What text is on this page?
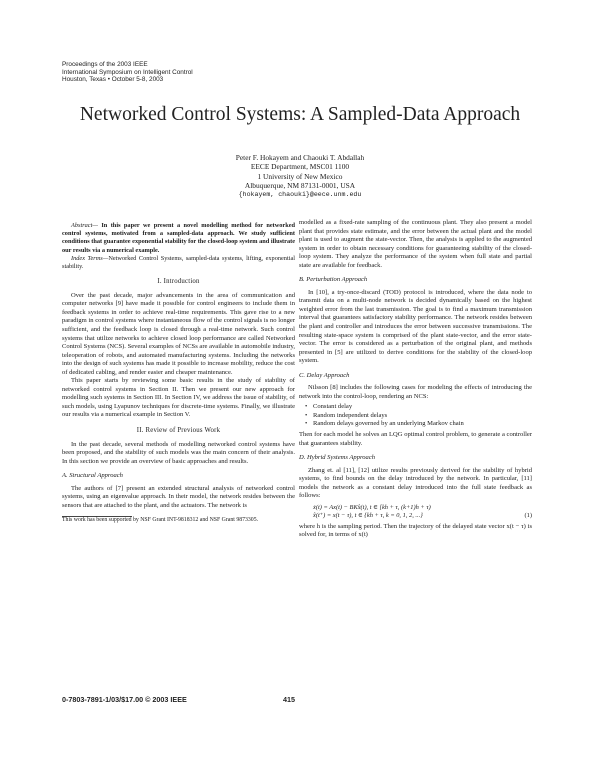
Proceedings of the 2003 IEEE
International Symposium on Intelligent Control
Houston, Texas • October 5-8, 2003
Networked Control Systems: A Sampled-Data Approach
Peter F. Hokayem and Chaouki T. Abdallah
EECE Department, MSC01 1100
1 University of New Mexico
Albuquerque, NM 87131-0001, USA
{hokayem, chaouki}@eece.unm.edu

Abstract— In this paper we present a novel modelling method for networked control systems, motivated from a sampled-data approach. We study sufficient conditions that guarantee exponential stability for the closed-loop system and illustrate our results via a numerical example.

Index Terms—Networked Control Systems, sampled-data systems, lifting, exponential stability.

I. Introduction

Over the past decade, major advancements in the area of communication and computer networks [9] have made it possible for control engineers to include them in feedback systems in order to achieve real-time requirements. This gave rise to a new paradigm in control systems where instantaneous flow of the control signals is no longer sufficient, and the feedback loop is closed through a real-time network. Such control systems that utilize networks to achieve closed loop performance are called Networked Control Systems (NCS). Several examples of NCSs are available in automobile industry, teleoperation of robots, and automated manufacturing systems. Including the networks into the design of such systems has made it possible to increase mobility, reduce the cost of dedicated cabling, and render easier and cheaper maintenance.

This paper starts by reviewing some basic results in the study of stability of networked control systems in Section II. Then we present our new approach for modelling such systems in Section III. In Section IV, we address the issue of stability, of such models, using Lyapunov techniques for discrete-time systems. Finally, we illustrate our results via a numerical example in Section V.

II. Review of Previous Work

In the past decade, several methods of modelling networked control systems have been proposed, and the stability of such models was the main concern of their analysis. In this section we provide an overview of basic approaches and results.

A. Structural Approach

The authors of [7] present an extended structural analysis of networked control systems, using an eigenvalue approach. In their model, the network resides between the sensors that are attached to the plant, and the actuators. The network is

This work has been supported by NSF Grant INT-9818312 and NSF Grant 9873305.

modelled as a fixed-rate sampling of the continuous plant. They also present a model plant that provides state estimate, and the error between the actual plant and the model plant is used to augment the state-vector. Then, the analysis is applied to the augmented system in order to obtain necessary conditions for guaranteeing stability of the closed-loop system. They analyze the performance of the system when full state and partial state are available for feedback.

B. Perturbation Approach

In [10], a try-once-discard (TOD) protocol is introduced, where the data node to transmit data on a multi-node network is decided dynamically based on the highest weighted error from the last transmission. The goal is to find a maximum transmission interval that guarantees satisfactory stability performance. The network resides between the plant and controller and introduces the error between successive transmissions. The resulting state-space system is comprised of the plant state-vector, and the error state-vector. The error is considered as a perturbation of the original plant, and methods presented in [5] are utilized to derive conditions for the stability of the closed-loop system.

C. Delay Approach

Nilsson [8] includes the following cases for modeling the effects of introducing the network into the control-loop, rendering an NCS:

• Constant delay
• Random independent delays
• Random delays governed by an underlying Markov chain

Then for each model he solves an LQG optimal control problem, to generate a controller that guarantees stability.

D. Hybrid Systems Approach

Zhang et. al [11], [12] utilize results previously derived for the stability of hybrid systems, to find bounds on the delay introduced by the network. In particular, [11] models the network as a constant delay introduced into the full state feedback as follows:

ẋ(t) = Ax(t) − BKx̂(t), t ∈ [kh + τ, (k+1)h + τ)
x̂(t⁺) = x(t − τ), t ∈ {kh + τ, k = 0, 1, 2, ...}	(1)

where h is the sampling period. Then the trajectory of the delayed state vector x(t − τ) is solved for, in terms of x(t)

0-7803-7891-1/03/$17.00 © 2003 IEEE	415
